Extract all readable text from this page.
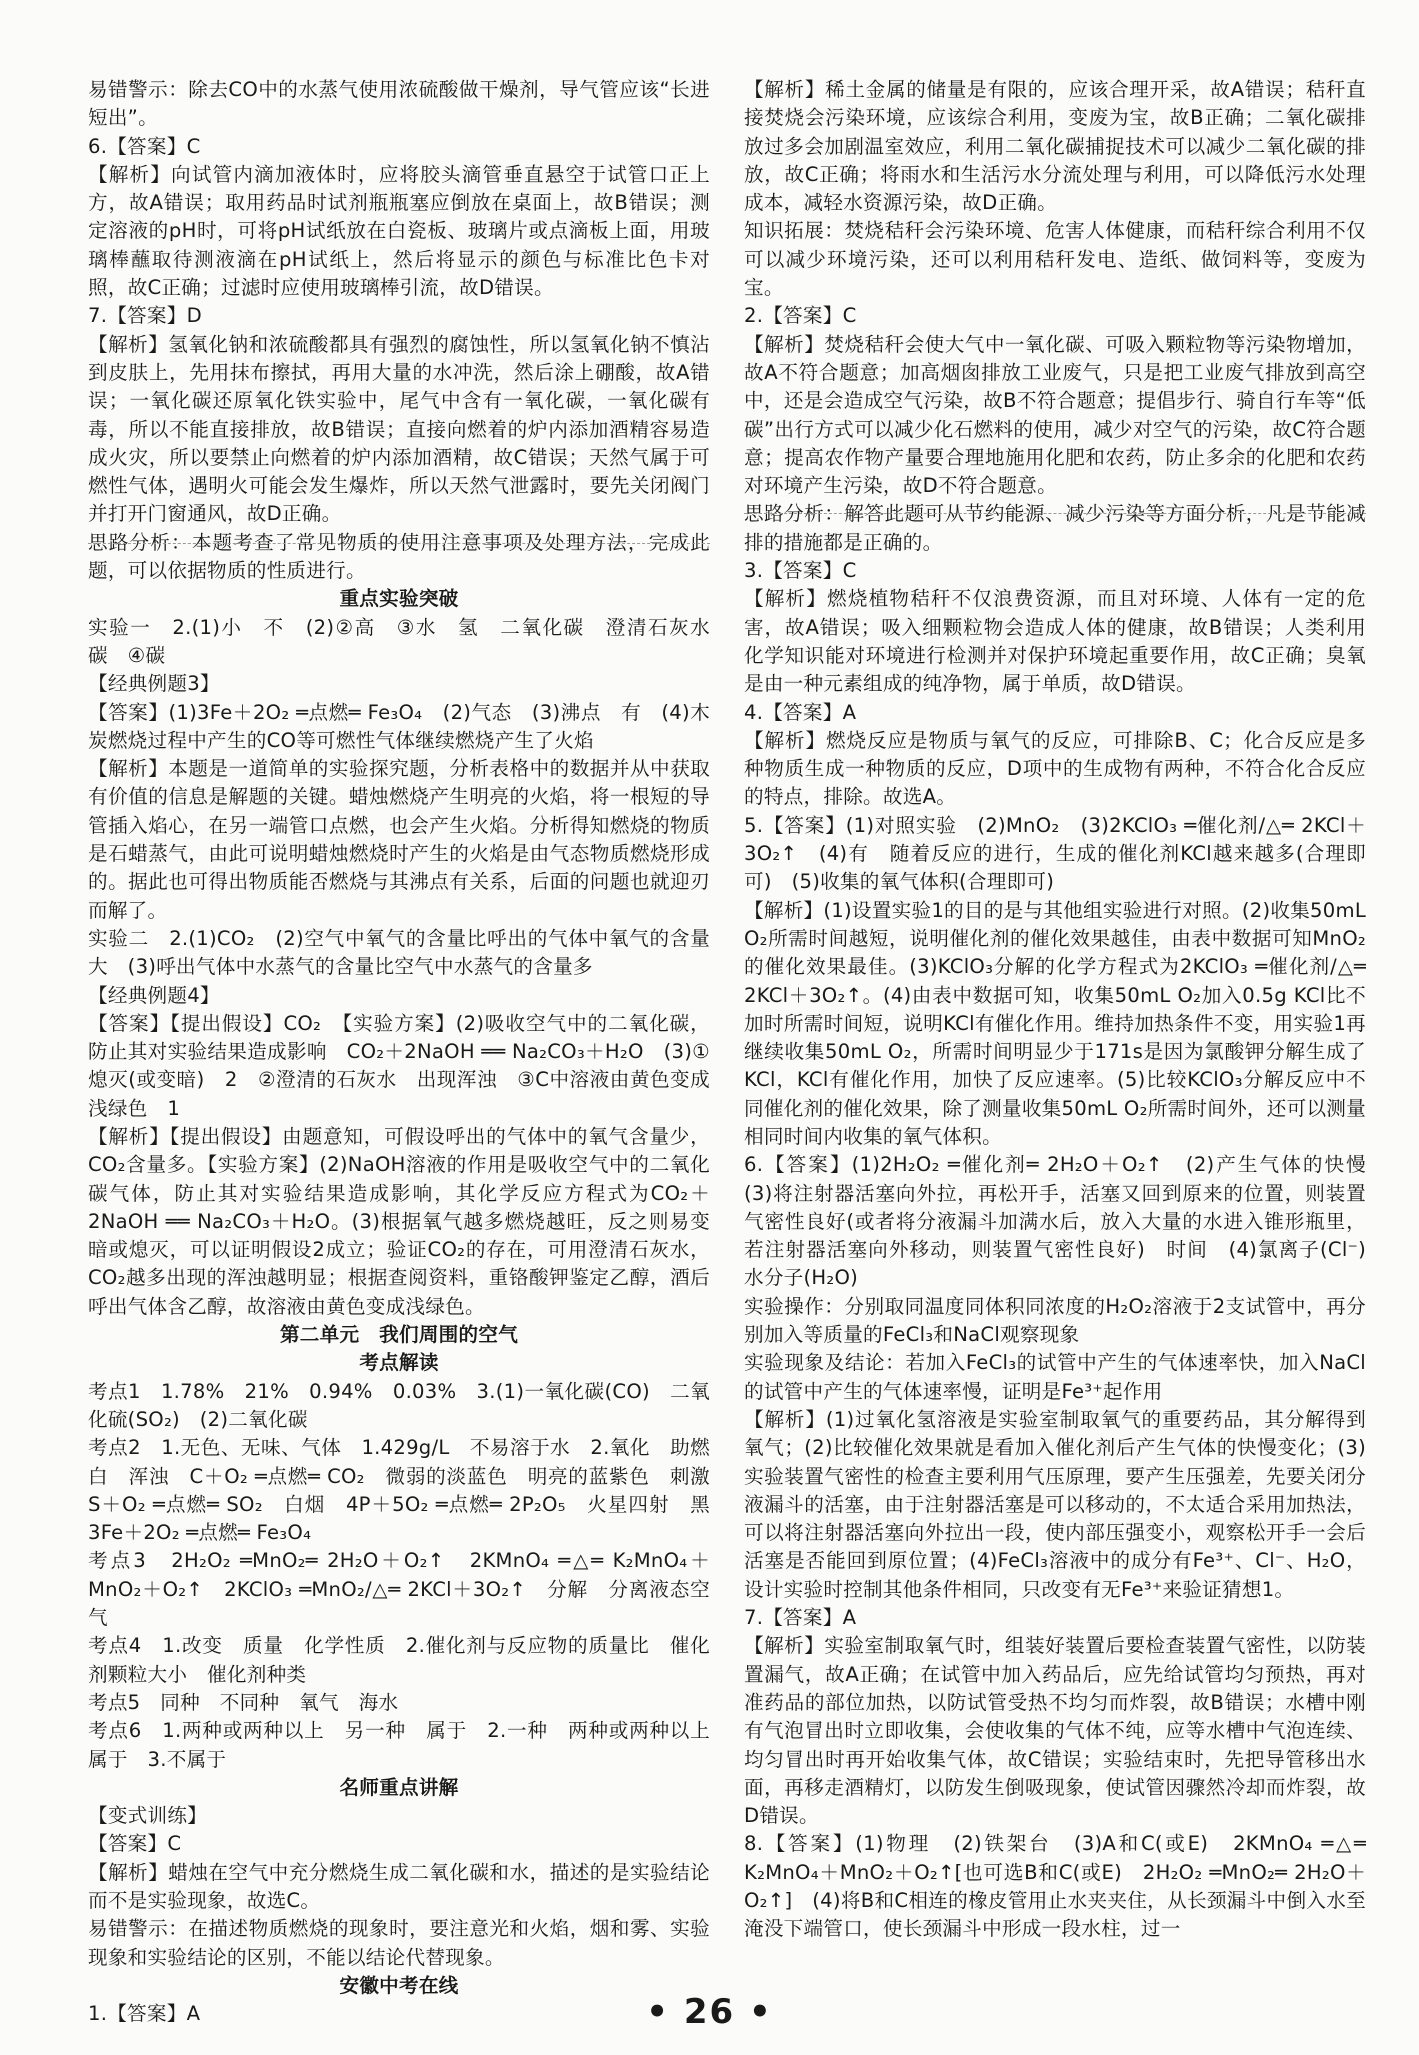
易错警示：除去CO中的水蒸气使用浓硫酸做干燥剂，导气管应该“长进短出”。

6.【答案】C

【解析】向试管内滴加液体时，应将胶头滴管垂直悬空于试管口正上方，故A错误；取用药品时试剂瓶瓶塞应倒放在桌面上，故B错误；测定溶液的pH时，可将pH试纸放在白瓷板、玻璃片或点滴板上面，用玻璃棒蘸取待测液滴在pH试纸上，然后将显示的颜色与标准比色卡对照，故C正确；过滤时应使用玻璃棒引流，故D错误。

7.【答案】D

【解析】氢氧化钠和浓硫酸都具有强烈的腐蚀性，所以氢氧化钠不慎沾到皮肤上，先用抹布擦拭，再用大量的水冲洗，然后涂上硼酸，故A错误；一氧化碳还原氧化铁实验中，尾气中含有一氧化碳，一氧化碳有毒，所以不能直接排放，故B错误；直接向燃着的炉内添加酒精容易造成火灾，所以要禁止向燃着的炉内添加酒精，故C错误；天然气属于可燃性气体，遇明火可能会发生爆炸，所以天然气泄露时，要先关闭阀门并打开门窗通风，故D正确。

思路分析：本题考查了常见物质的使用注意事项及处理方法，完成此题，可以依据物质的性质进行。

重点实验突破

实验一　2.(1)小　不　(2)②高　③水　氢　二氧化碳　澄清石灰水　碳　④碳

【经典例题3】

【答案】(1)3Fe＋2O₂ ═点燃═ Fe₃O₄　(2)气态　(3)沸点　有　(4)木炭燃烧过程中产生的CO等可燃性气体继续燃烧产生了火焰

【解析】本题是一道简单的实验探究题，分析表格中的数据并从中获取有价值的信息是解题的关键。蜡烛燃烧产生明亮的火焰，将一根短的导管插入焰心，在另一端管口点燃，也会产生火焰。分析得知燃烧的物质是石蜡蒸气，由此可说明蜡烛燃烧时产生的火焰是由气态物质燃烧形成的。据此也可得出物质能否燃烧与其沸点有关系，后面的问题也就迎刃而解了。

实验二　2.(1)CO₂　(2)空气中氧气的含量比呼出的气体中氧气的含量大　(3)呼出气体中水蒸气的含量比空气中水蒸气的含量多

【经典例题4】

【答案】【提出假设】CO₂　【实验方案】(2)吸收空气中的二氧化碳，防止其对实验结果造成影响　CO₂＋2NaOH ══ Na₂CO₃＋H₂O　(3)①熄灭(或变暗)　2　②澄清的石灰水　出现浑浊　③C中溶液由黄色变成浅绿色　1

【解析】【提出假设】由题意知，可假设呼出的气体中的氧气含量少，CO₂含量多。【实验方案】(2)NaOH溶液的作用是吸收空气中的二氧化碳气体，防止其对实验结果造成影响，其化学反应方程式为CO₂＋2NaOH ══ Na₂CO₃＋H₂O。(3)根据氧气越多燃烧越旺，反之则易变暗或熄灭，可以证明假设2成立；验证CO₂的存在，可用澄清石灰水，CO₂越多出现的浑浊越明显；根据查阅资料，重铬酸钾鉴定乙醇，酒后呼出气体含乙醇，故溶液由黄色变成浅绿色。

第二单元　我们周围的空气

考点解读

考点1　1.78%　21%　0.94%　0.03%　3.(1)一氧化碳(CO)　二氧化硫(SO₂)　(2)二氧化碳

考点2　1.无色、无味、气体　1.429g/L　不易溶于水　2.氧化　助燃　白　浑浊　C＋O₂ ═点燃═ CO₂　微弱的淡蓝色　明亮的蓝紫色　刺激　S＋O₂ ═点燃═ SO₂　白烟　4P＋5O₂ ═点燃═ 2P₂O₅　火星四射　黑　3Fe＋2O₂ ═点燃═ Fe₃O₄

考点3　2H₂O₂ ═MnO₂═ 2H₂O＋O₂↑　2KMnO₄ ═△═ K₂MnO₄＋MnO₂＋O₂↑　2KClO₃ ═MnO₂/△═ 2KCl＋3O₂↑　分解　分离液态空气

考点4　1.改变　质量　化学性质　2.催化剂与反应物的质量比　催化剂颗粒大小　催化剂种类

考点5　同种　不同种　氧气　海水

考点6　1.两种或两种以上　另一种　属于　2.一种　两种或两种以上　属于　3.不属于

名师重点讲解

【变式训练】

【答案】C

【解析】蜡烛在空气中充分燃烧生成二氧化碳和水，描述的是实验结论而不是实验现象，故选C。

易错警示：在描述物质燃烧的现象时，要注意光和火焰，烟和雾、实验现象和实验结论的区别，不能以结论代替现象。

安徽中考在线

1.【答案】A

【解析】稀土金属的储量是有限的，应该合理开采，故A错误；秸秆直接焚烧会污染环境，应该综合利用，变废为宝，故B正确；二氧化碳排放过多会加剧温室效应，利用二氧化碳捕捉技术可以减少二氧化碳的排放，故C正确；将雨水和生活污水分流处理与利用，可以降低污水处理成本，减轻水资源污染，故D正确。

知识拓展：焚烧秸秆会污染环境、危害人体健康，而秸秆综合利用不仅可以减少环境污染，还可以利用秸秆发电、造纸、做饲料等，变废为宝。

2.【答案】C

【解析】焚烧秸秆会使大气中一氧化碳、可吸入颗粒物等污染物增加，故A不符合题意；加高烟囱排放工业废气，只是把工业废气排放到高空中，还是会造成空气污染，故B不符合题意；提倡步行、骑自行车等“低碳”出行方式可以减少化石燃料的使用，减少对空气的污染，故C符合题意；提高农作物产量要合理地施用化肥和农药，防止多余的化肥和农药对环境产生污染，故D不符合题意。

思路分析：解答此题可从节约能源、减少污染等方面分析，凡是节能减排的措施都是正确的。

3.【答案】C

【解析】燃烧植物秸秆不仅浪费资源，而且对环境、人体有一定的危害，故A错误；吸入细颗粒物会造成人体的健康，故B错误；人类利用化学知识能对环境进行检测并对保护环境起重要作用，故C正确；臭氧是由一种元素组成的纯净物，属于单质，故D错误。

4.【答案】A

【解析】燃烧反应是物质与氧气的反应，可排除B、C；化合反应是多种物质生成一种物质的反应，D项中的生成物有两种，不符合化合反应的特点，排除。故选A。

5.【答案】(1)对照实验　(2)MnO₂　(3)2KClO₃ ═催化剂/△═ 2KCl＋3O₂↑　(4)有　随着反应的进行，生成的催化剂KCl越来越多(合理即可)　(5)收集的氧气体积(合理即可)

【解析】(1)设置实验1的目的是与其他组实验进行对照。(2)收集50mL O₂所需时间越短，说明催化剂的催化效果越佳，由表中数据可知MnO₂的催化效果最佳。(3)KClO₃分解的化学方程式为2KClO₃ ═催化剂/△═ 2KCl＋3O₂↑。(4)由表中数据可知，收集50mL O₂加入0.5g KCl比不加时所需时间短，说明KCl有催化作用。维持加热条件不变，用实验1再继续收集50mL O₂，所需时间明显少于171s是因为氯酸钾分解生成了KCl，KCl有催化作用，加快了反应速率。(5)比较KClO₃分解反应中不同催化剂的催化效果，除了测量收集50mL O₂所需时间外，还可以测量相同时间内收集的氧气体积。

6.【答案】(1)2H₂O₂ ═催化剂═ 2H₂O＋O₂↑　(2)产生气体的快慢　(3)将注射器活塞向外拉，再松开手，活塞又回到原来的位置，则装置气密性良好(或者将分液漏斗加满水后，放入大量的水进入锥形瓶里，若注射器活塞向外移动，则装置气密性良好)　时间　(4)氯离子(Cl⁻)　水分子(H₂O)

实验操作：分别取同温度同体积同浓度的H₂O₂溶液于2支试管中，再分别加入等质量的FeCl₃和NaCl观察现象

实验现象及结论：若加入FeCl₃的试管中产生的气体速率快，加入NaCl的试管中产生的气体速率慢，证明是Fe³⁺起作用

【解析】(1)过氧化氢溶液是实验室制取氧气的重要药品，其分解得到氧气；(2)比较催化效果就是看加入催化剂后产生气体的快慢变化；(3)实验装置气密性的检查主要利用气压原理，要产生压强差，先要关闭分液漏斗的活塞，由于注射器活塞是可以移动的，不太适合采用加热法，可以将注射器活塞向外拉出一段，使内部压强变小，观察松开手一会后活塞是否能回到原位置；(4)FeCl₃溶液中的成分有Fe³⁺、Cl⁻、H₂O，设计实验时控制其他条件相同，只改变有无Fe³⁺来验证猜想1。

7.【答案】A

【解析】实验室制取氧气时，组装好装置后要检查装置气密性，以防装置漏气，故A正确；在试管中加入药品后，应先给试管均匀预热，再对准药品的部位加热，以防试管受热不均匀而炸裂，故B错误；水槽中刚有气泡冒出时立即收集，会使收集的气体不纯，应等水槽中气泡连续、均匀冒出时再开始收集气体，故C错误；实验结束时，先把导管移出水面，再移走酒精灯，以防发生倒吸现象，使试管因骤然冷却而炸裂，故D错误。

8.【答案】(1)物理　(2)铁架台　(3)A和C(或E)　2KMnO₄ ═△═ K₂MnO₄＋MnO₂＋O₂↑[也可选B和C(或E)　2H₂O₂ ═MnO₂═ 2H₂O＋O₂↑]　(4)将B和C相连的橡皮管用止水夹夹住，从长颈漏斗中倒入水至淹没下端管口，使长颈漏斗中形成一段水柱，过一

• 26 •
